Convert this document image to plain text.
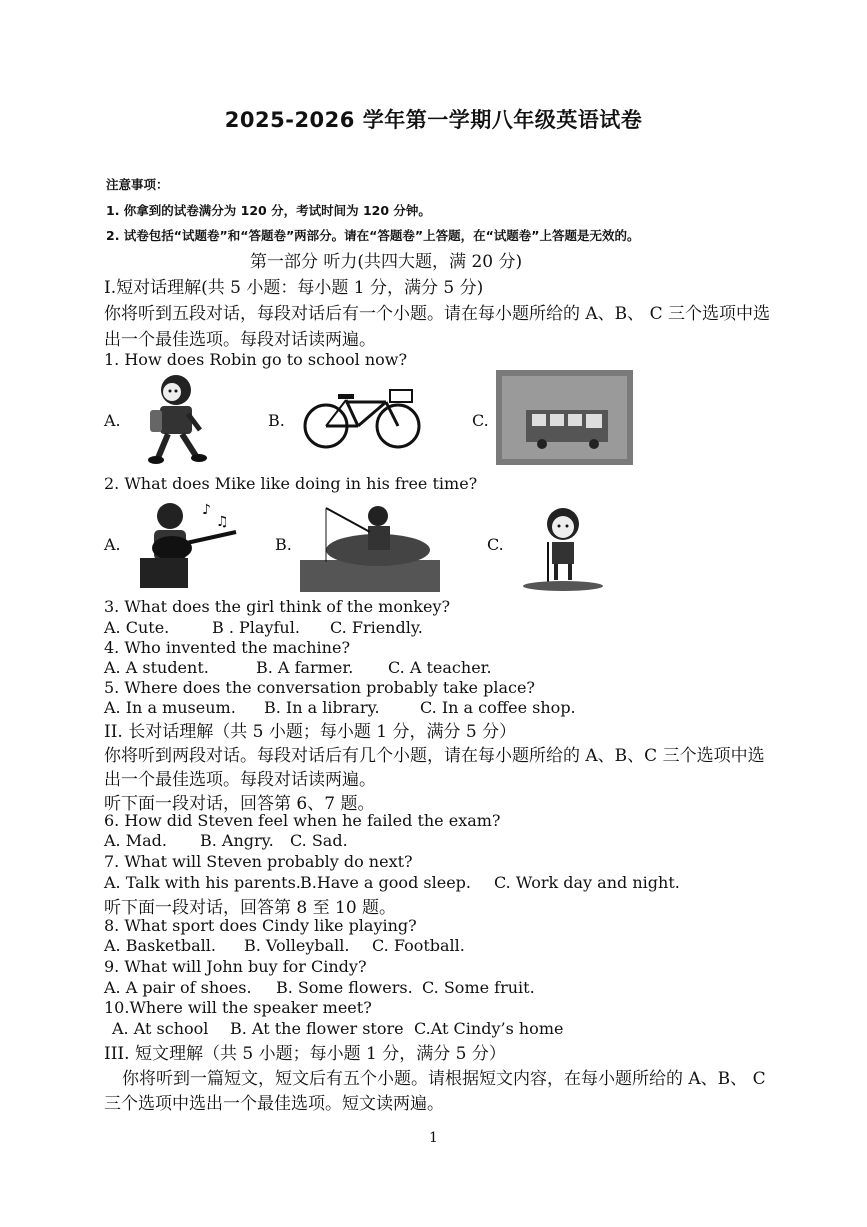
2025-2026 学年第一学期八年级英语试卷
注意事项：
1. 你拿到的试卷满分为 120 分，考试时间为 120 分钟。
2. 试卷包括“试题卷”和“答题卷”两部分。请在“答题卷”上答题，在“试题卷”上答题是无效的。
第一部分 听力(共四大题，满 20 分)
I.短对话理解(共 5 小题：每小题 1 分，满分 5 分)
你将听到五段对话，每段对话后有一个小题。请在每小题所给的 A、B、 C 三个选项中选
出一个最佳选项。每段对话读两遍。
1. How does Robin go to school now?
A.	B.	C.
2. What does Mike like doing in his free time?
A.
♪
♫
B.	C.
3. What does the girl think of the monkey?
A. Cute.	B . Playful. C. Friendly.
4. Who invented the machine?
A. A student.	B. A farmer. C. A teacher.
5. Where does the conversation probably take place?
A. In a museum. B. In a library.	C. In a coffee shop.
II. 长对话理解（共 5 小题；每小题 1 分，满分 5 分）
你将听到两段对话。每段对话后有几个小题，请在每小题所给的 A、B、C 三个选项中选
出一个最佳选项。每段对话读两遍。
听下面一段对话，回答第 6、7 题。
6. How did Steven feel when he failed the exam?
A. Mad. B. Angry. C. Sad.
7. What will Steven probably do next?
A. Talk with his parents. B.Have a good sleep. C. Work day and night.
听下面一段对话，回答第 8 至 10 题。
8. What sport does Cindy like playing?
A. Basketball. B. Volleyball. C. Football.
9. What will John buy for Cindy?
A. A pair of shoes. B. Some flowers. C. Some fruit.
10.Where will the speaker meet?
A. At school B. At the flower store C.At Cindy’s home
III. 短文理解（共 5 小题；每小题 1 分，满分 5 分）
你将听到一篇短文，短文后有五个小题。请根据短文内容，在每小题所给的 A、B、 C
三个选项中选出一个最佳选项。短文读两遍。
1
